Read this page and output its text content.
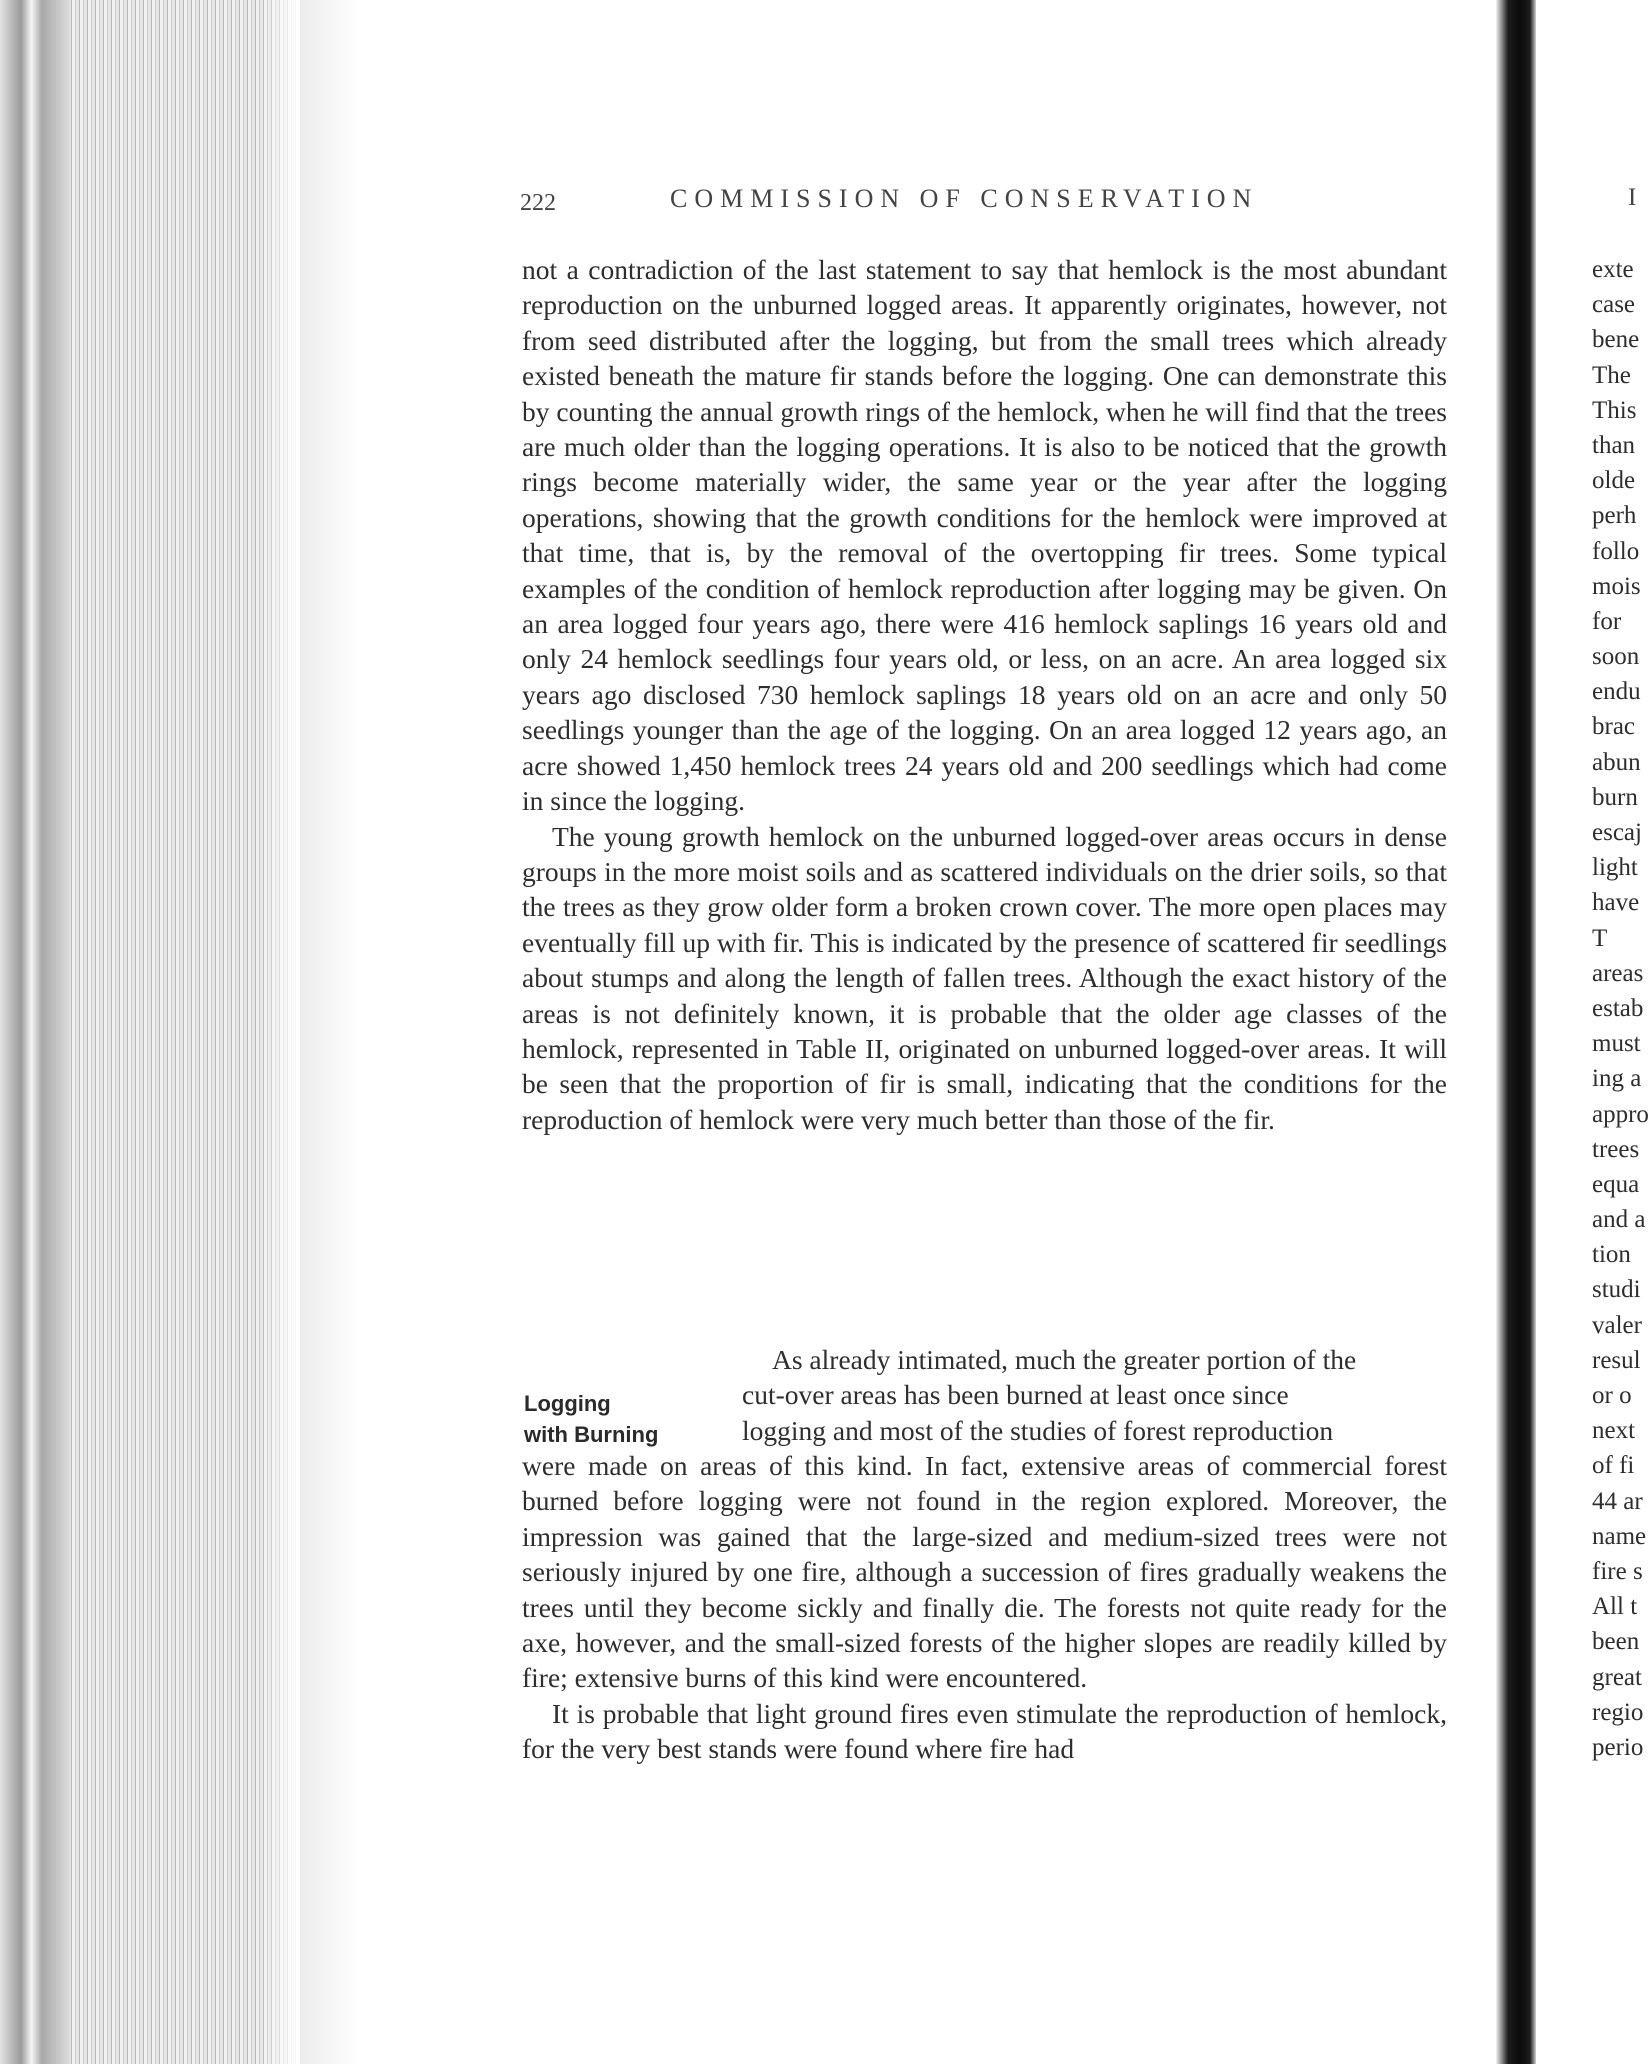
222	COMMISSION OF CONSERVATION

not a contradiction of the last statement to say that hemlock is the most abundant reproduction on the unburned logged areas. It apparently originates, however, not from seed distributed after the logging, but from the small trees which already existed beneath the mature fir stands before the logging. One can demonstrate this by counting the annual growth rings of the hemlock, when he will find that the trees are much older than the logging operations. It is also to be noticed that the growth rings become materially wider, the same year or the year after the logging operations, showing that the growth conditions for the hemlock were improved at that time, that is, by the removal of the overtopping fir trees. Some typical examples of the condition of hemlock reproduction after logging may be given. On an area logged four years ago, there were 416 hemlock saplings 16 years old and only 24 hemlock seedlings four years old, or less, on an acre. An area logged six years ago disclosed 730 hemlock saplings 18 years old on an acre and only 50 seedlings younger than the age of the logging. On an area logged 12 years ago, an acre showed 1,450 hemlock trees 24 years old and 200 seedlings which had come in since the logging.

The young growth hemlock on the unburned logged-over areas occurs in dense groups in the more moist soils and as scattered individuals on the drier soils, so that the trees as they grow older form a broken crown cover. The more open places may eventually fill up with fir. This is indicated by the presence of scattered fir seedlings about stumps and along the length of fallen trees. Although the exact history of the areas is not definitely known, it is probable that the older age classes of the hemlock, represented in Table II, originated on unburned logged-over areas. It will be seen that the proportion of fir is small, indicating that the conditions for the reproduction of hemlock were very much better than those of the fir.

Logging
with Burning
As already intimated, much the greater portion of the
cut-over areas has been burned at least once since
logging and most of the studies of forest reproduction

were made on areas of this kind. In fact, extensive areas of commercial forest burned before logging were not found in the region explored. Moreover, the impression was gained that the large-sized and medium-sized trees were not seriously injured by one fire, although a succession of fires gradually weakens the trees until they become sickly and finally die. The forests not quite ready for the axe, however, and the small-sized forests of the higher slopes are readily killed by fire; extensive burns of this kind were encountered.

It is probable that light ground fires even stimulate the reproduction of hemlock, for the very best stands were found where fire had

I
exte
case
bene
The
This
than
olde
perh
follo
mois
for
soon
endu
brac
abun
burn
escaj
light
have
T
areas
estab
must
ing a
appro
trees
equa
and a
tion
studi
valer
resul
or o
next
of fi
44 ar
name
fire s
All t
been
great
regio
perio
